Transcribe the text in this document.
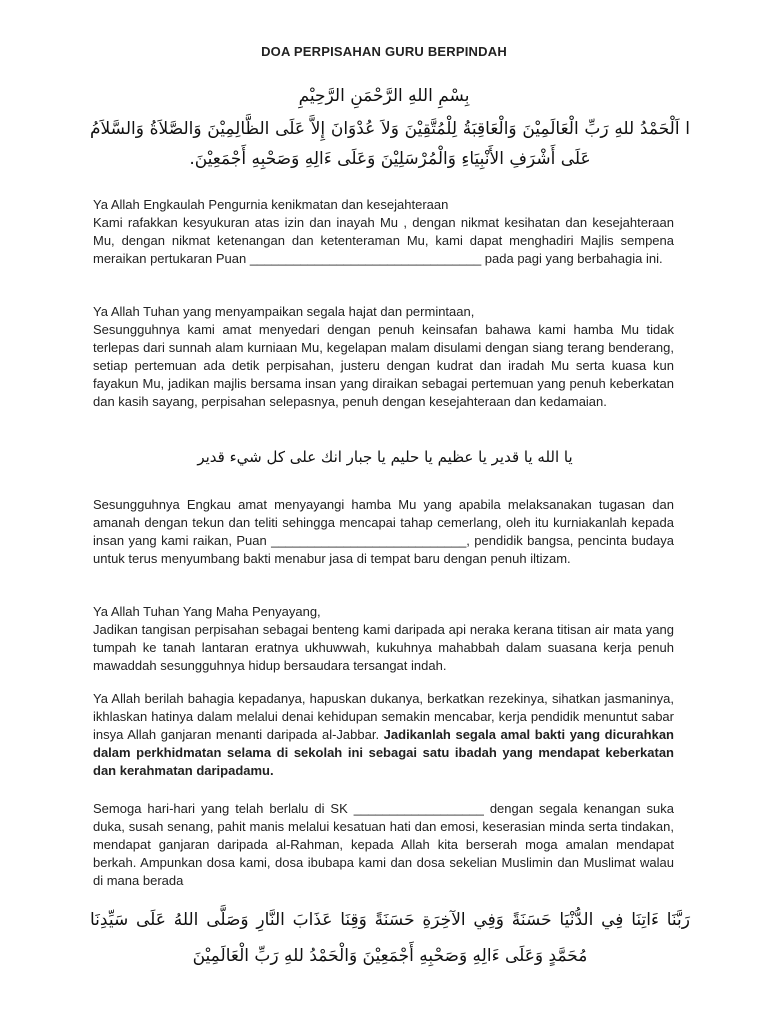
DOA PERPISAHAN GURU BERPINDAH
بِسْمِ اللهِ الرَّحْمَنِ الرَّحِيْمِ
ا اَلْحَمْدُ للهِ رَبِّ الْعَالَمِيْنَ وَالْعَاقِبَةُ لِلْمُتَّقِيْنَ وَلاَ عُدْوَانَ إِلاَّ عَلَى الظَّالِمِيْنَ وَالصَّلاَةُ وَالسَّلاَمُ عَلَى أَشْرَفِ الأَنْبِيَاءِ وَالْمُرْسَلِيْنَ وَعَلَى ءَالِهِ وَصَحْبِهِ أَجْمَعِيْنَ.

Ya Allah Engkaulah Pengurnia kenikmatan dan kesejahteraan
Kami rafakkan kesyukuran atas izin dan inayah Mu , dengan nikmat kesihatan dan kesejahteraan Mu, dengan nikmat ketenangan dan ketenteraman Mu, kami dapat menghadiri Majlis sempena meraikan pertukaran Puan ________________________________ pada pagi yang berbahagia ini.

Ya Allah Tuhan yang menyampaikan segala hajat dan permintaan,
Sesungguhnya kami amat menyedari dengan penuh keinsafan bahawa kami hamba Mu tidak terlepas dari sunnah alam kurniaan Mu, kegelapan malam disulami dengan siang terang benderang, setiap pertemuan ada detik perpisahan, justeru dengan kudrat dan iradah Mu serta kuasa kun fayakun Mu, jadikan majlis bersama insan yang diraikan sebagai pertemuan yang penuh keberkatan dan kasih sayang, perpisahan selepasnya, penuh dengan kesejahteraan dan kedamaian.

يا الله يا قدير يا عظيم يا حليم يا جبار انك على كل شيء قدير

Sesungguhnya Engkau amat menyayangi hamba Mu yang apabila melaksanakan tugasan dan amanah dengan tekun dan teliti sehingga mencapai tahap cemerlang, oleh itu kurniakanlah kepada insan yang kami raikan, Puan ___________________________, pendidik bangsa, pencinta budaya untuk terus menyumbang bakti menabur jasa di tempat baru dengan penuh iltizam.

Ya Allah Tuhan Yang Maha Penyayang,
Jadikan tangisan perpisahan sebagai benteng kami daripada api neraka kerana titisan air mata yang tumpah ke tanah lantaran eratnya ukhuwwah, kukuhnya mahabbah dalam suasana kerja penuh mawaddah sesungguhnya hidup bersaudara tersangat indah.

Ya Allah berilah bahagia kepadanya, hapuskan dukanya, berkatkan rezekinya, sihatkan jasmaninya, ikhlaskan hatinya dalam melalui denai kehidupan semakin mencabar, kerja pendidik menuntut sabar insya Allah ganjaran menanti daripada al-Jabbar. Jadikanlah segala amal bakti yang dicurahkan dalam perkhidmatan selama di sekolah ini sebagai satu ibadah yang mendapat keberkatan dan kerahmatan daripadamu.

Semoga hari-hari yang telah berlalu di SK __________________ dengan segala kenangan suka duka, susah senang, pahit manis melalui kesatuan hati dan emosi, keserasian minda serta tindakan, mendapat ganjaran daripada al-Rahman, kepada Allah kita berserah moga amalan mendapat berkah. Ampunkan dosa kami, dosa ibubapa kami dan dosa sekelian Muslimin dan Muslimat walau di mana berada

رَبَّنَا ءَاتِنَا فِي الدُّنْيَا حَسَنَةً وَفِي الآخِرَةِ حَسَنَةً وَقِنَا عَذَابَ النَّارِ وَصَلَّى اللهُ عَلَى سَيِّدِنَا مُحَمَّدٍ وَعَلَى ءَالِهِ وَصَحْبِهِ أَجْمَعِيْنَ وَالْحَمْدُ للهِ رَبِّ الْعَالَمِيْنَ
